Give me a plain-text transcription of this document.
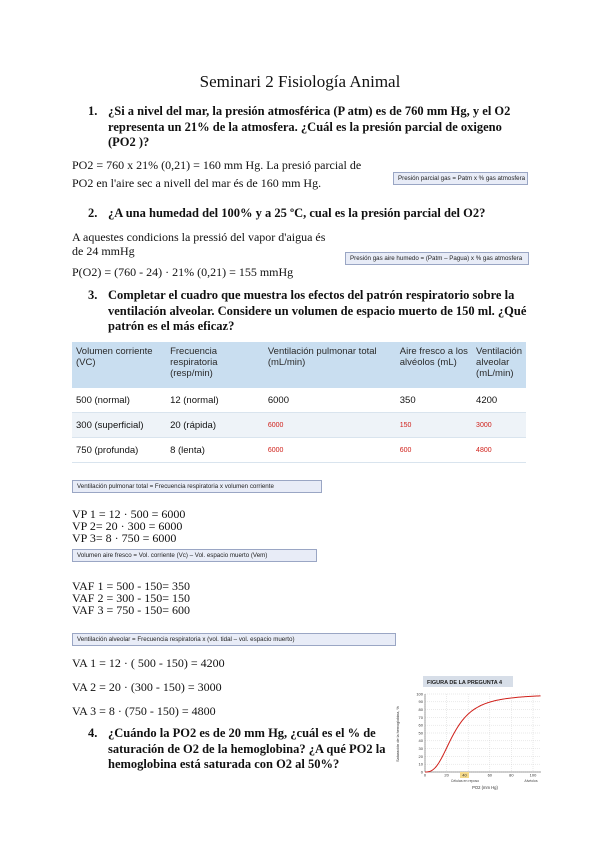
Seminari 2 Fisiología Animal
1. ¿Si a nivel del mar, la presión atmosférica (P atm) es de 760 mm Hg, y el O2 representa un 21% de la atmosfera. ¿Cuál es la presión parcial de oxigeno (PO2 )?
PO2 = 760 x 21% (0,21) = 160 mm Hg. La presió parcial de
PO2 en l'aire sec a nivell del mar és de 160 mm Hg.	Presión parcial gas = Patm x % gas atmosfera
2. ¿A una humedad del 100% y a 25 ºC, cual es la presión parcial del O2?
A aquestes condicions la pressió del vapor d'aigua és
de 24 mmHg
P(O2) = (760 - 24) · 21% (0,21) = 155 mmHg
Presión gas aire humedo = (Patm – Pagua) x % gas atmosfera
3. Completar el cuadro que muestra los efectos del patrón respiratorio sobre la ventilación alveolar. Considere un volumen de espacio muerto de 150 ml. ¿Qué patrón es el más eficaz?
Volumen corriente (VC)	Frecuencia respiratoria (resp/min)	Ventilación pulmonar total (mL/min)	Aire fresco a los alvéolos (mL)	Ventilación alveolar (mL/min)
500 (normal)	12 (normal)	6000	350	4200
300 (superficial)	20 (rápida)	6000	150	3000
750 (profunda)	8 (lenta)	6000	600	4800
Ventilación pulmonar total = Frecuencia respiratoria x volumen corriente
VP 1 = 12 · 500 = 6000
VP 2= 20 · 300 = 6000
VP 3= 8 · 750 = 6000
Volumen aire fresco = Vol. corriente (Vc) – Vol. espacio muerto (Vem)
VAF 1 = 500 - 150= 350
VAF 2 = 300 - 150= 150
VAF 3 = 750 - 150= 600
Ventilación alveolar = Frecuencia respiratoria x (vol. tidal – vol. espacio muerto)
VA 1 = 12 · ( 500 - 150) = 4200
VA 2 = 20 · (300 - 150) = 3000
VA 3 = 8 · (750 - 150) = 4800
4. ¿Cuándo la PO2 es de 20 mm Hg, ¿cuál es el % de saturación de O2 de la hemoglobina? ¿A qué PO2 la hemoglobina está saturada con O2 al 50%?
FIGURA DE LA PREGUNTA 4
0
10
20
30
40
50
60
70
80
90
100
0	20	60	80	100
40
Saturación de la hemoglobina, %
Células en reposo	Alvéolos
PO2 (mm Hg)
